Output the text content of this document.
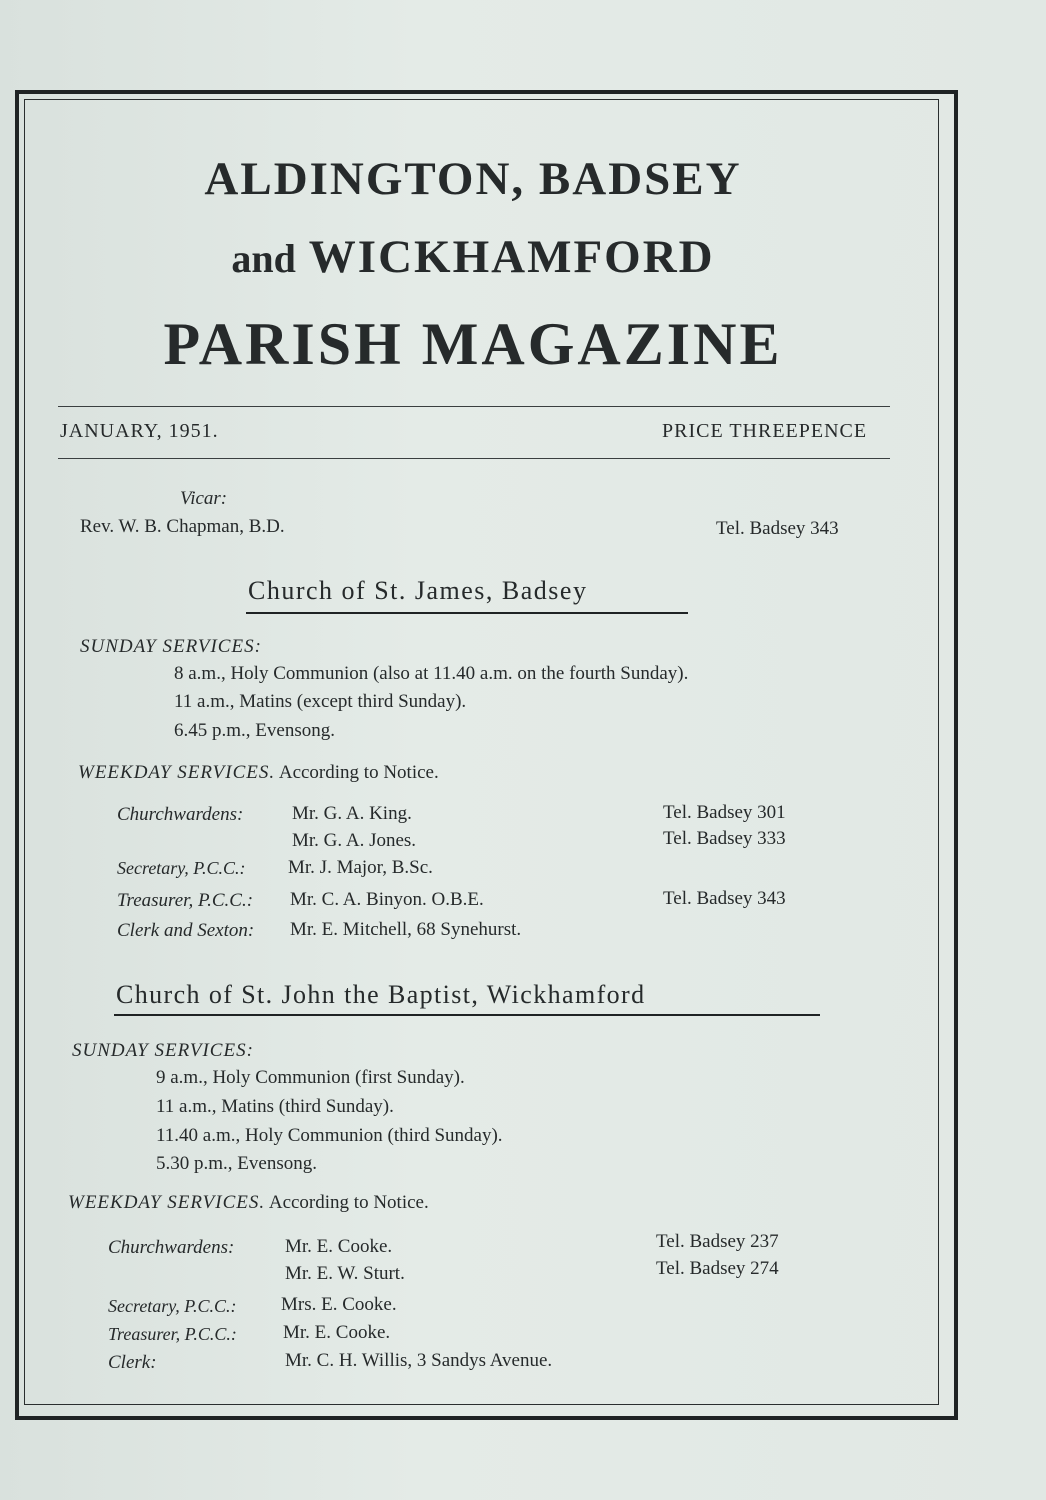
ALDINGTON, BADSEY
and WICKHAMFORD
PARISH MAGAZINE
JANUARY, 1951.	PRICE THREEPENCE
Vicar:
Rev. W. B. Chapman, B.D.	Tel. Badsey 343
Church of St. James, Badsey
SUNDAY SERVICES:
8 a.m., Holy Communion (also at 11.40 a.m. on the fourth Sunday).
11 a.m., Matins (except third Sunday).
6.45 p.m., Evensong.
WEEKDAY SERVICES. According to Notice.
Churchwardens:	Mr. G. A. King.	Tel. Badsey 301
Mr. G. A. Jones.	Tel. Badsey 333
Secretary, P.C.C.: Mr. J. Major, B.Sc.
Treasurer, P.C.C.: Mr. C. A. Binyon. O.B.E.	Tel. Badsey 343
Clerk and Sexton: Mr. E. Mitchell, 68 Synehurst.
Church of St. John the Baptist, Wickhamford
SUNDAY SERVICES:
9 a.m., Holy Communion (first Sunday).
11 a.m., Matins (third Sunday).
11.40 a.m., Holy Communion (third Sunday).
5.30 p.m., Evensong.
WEEKDAY SERVICES. According to Notice.
Churchwardens:	Mr. E. Cooke.	Tel. Badsey 237
Mr. E. W. Sturt.	Tel. Badsey 274
Secretary, P.C.C.: Mrs. E. Cooke.
Treasurer, P.C.C.: Mr. E. Cooke.
Clerk:	Mr. C. H. Willis, 3 Sandys Avenue.
